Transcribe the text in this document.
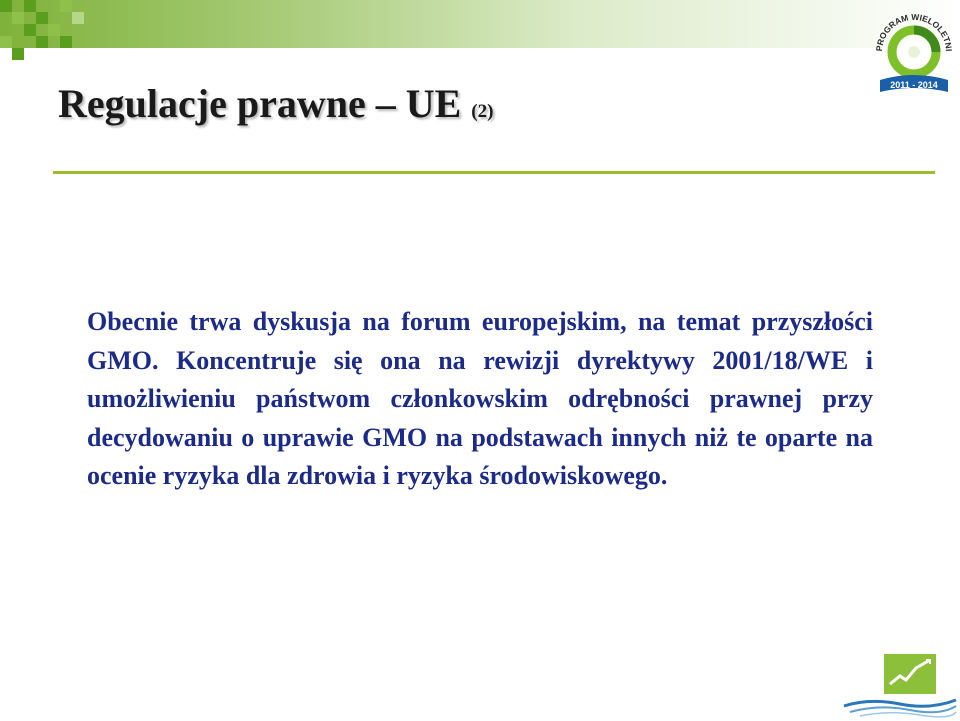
PROGRAM WIELOLETNI
2011 - 2014
Regulacje prawne – UE (2)

Obecnie trwa dyskusja na forum europejskim, na temat przyszłości GMO. Koncentruje się ona na rewizji dyrektywy 2001/18/WE i umożliwieniu państwom członkowskim odrębności prawnej przy decydowaniu o uprawie GMO na podstawach innych niż te oparte na ocenie ryzyka dla zdrowia i ryzyka środowiskowego.
